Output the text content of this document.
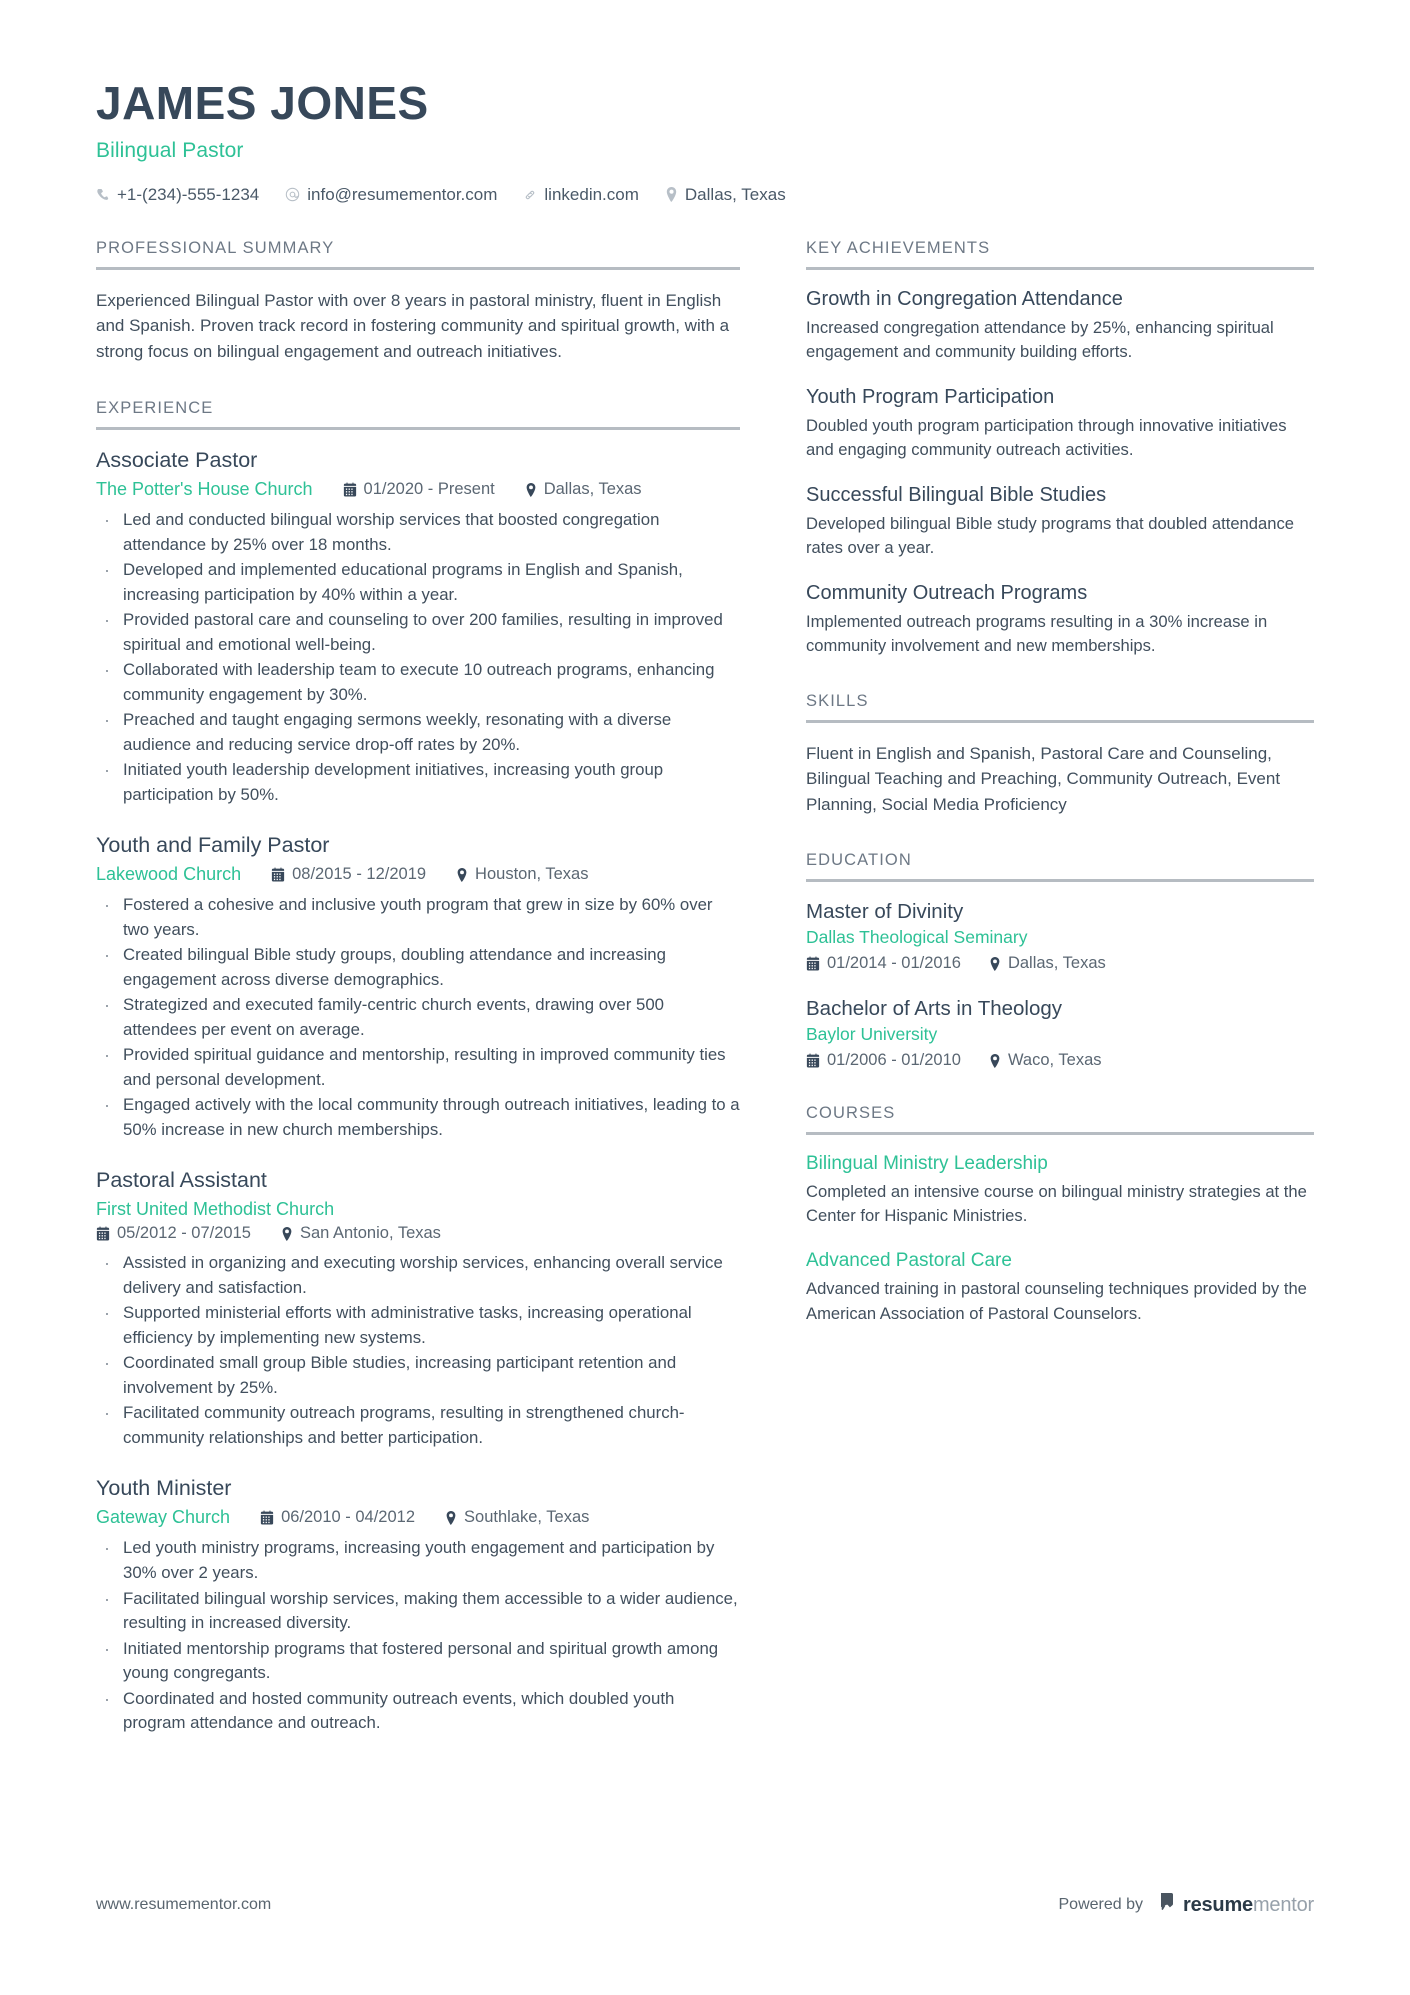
JAMES JONES
Bilingual Pastor
+1-(234)-555-1234	info@resumementor.com	linkedin.com	Dallas, Texas
PROFESSIONAL SUMMARY
Experienced Bilingual Pastor with over 8 years in pastoral ministry, fluent in English and Spanish. Proven track record in fostering community and spiritual growth, with a strong focus on bilingual engagement and outreach initiatives.
EXPERIENCE
Associate Pastor
The Potter's House Church	01/2020 - Present	Dallas, Texas
· Led and conducted bilingual worship services that boosted congregation attendance by 25% over 18 months.
· Developed and implemented educational programs in English and Spanish, increasing participation by 40% within a year.
· Provided pastoral care and counseling to over 200 families, resulting in improved spiritual and emotional well-being.
· Collaborated with leadership team to execute 10 outreach programs, enhancing community engagement by 30%.
· Preached and taught engaging sermons weekly, resonating with a diverse audience and reducing service drop-off rates by 20%.
· Initiated youth leadership development initiatives, increasing youth group participation by 50%.
Youth and Family Pastor
Lakewood Church	08/2015 - 12/2019	Houston, Texas
· Fostered a cohesive and inclusive youth program that grew in size by 60% over two years.
· Created bilingual Bible study groups, doubling attendance and increasing engagement across diverse demographics.
· Strategized and executed family-centric church events, drawing over 500 attendees per event on average.
· Provided spiritual guidance and mentorship, resulting in improved community ties and personal development.
· Engaged actively with the local community through outreach initiatives, leading to a 50% increase in new church memberships.
Pastoral Assistant
First United Methodist Church
05/2012 - 07/2015	San Antonio, Texas
· Assisted in organizing and executing worship services, enhancing overall service delivery and satisfaction.
· Supported ministerial efforts with administrative tasks, increasing operational efficiency by implementing new systems.
· Coordinated small group Bible studies, increasing participant retention and involvement by 25%.
· Facilitated community outreach programs, resulting in strengthened church-community relationships and better participation.
Youth Minister
Gateway Church	06/2010 - 04/2012	Southlake, Texas
· Led youth ministry programs, increasing youth engagement and participation by 30% over 2 years.
· Facilitated bilingual worship services, making them accessible to a wider audience, resulting in increased diversity.
· Initiated mentorship programs that fostered personal and spiritual growth among young congregants.
· Coordinated and hosted community outreach events, which doubled youth program attendance and outreach.
KEY ACHIEVEMENTS
Growth in Congregation Attendance
Increased congregation attendance by 25%, enhancing spiritual engagement and community building efforts.
Youth Program Participation
Doubled youth program participation through innovative initiatives and engaging community outreach activities.
Successful Bilingual Bible Studies
Developed bilingual Bible study programs that doubled attendance rates over a year.
Community Outreach Programs
Implemented outreach programs resulting in a 30% increase in community involvement and new memberships.
SKILLS
Fluent in English and Spanish, Pastoral Care and Counseling, Bilingual Teaching and Preaching, Community Outreach, Event Planning, Social Media Proficiency
EDUCATION
Master of Divinity
Dallas Theological Seminary
01/2014 - 01/2016	Dallas, Texas
Bachelor of Arts in Theology
Baylor University
01/2006 - 01/2010	Waco, Texas
COURSES
Bilingual Ministry Leadership
Completed an intensive course on bilingual ministry strategies at the Center for Hispanic Ministries.
Advanced Pastoral Care
Advanced training in pastoral counseling techniques provided by the American Association of Pastoral Counselors.
www.resumementor.com	Powered by resumementor
